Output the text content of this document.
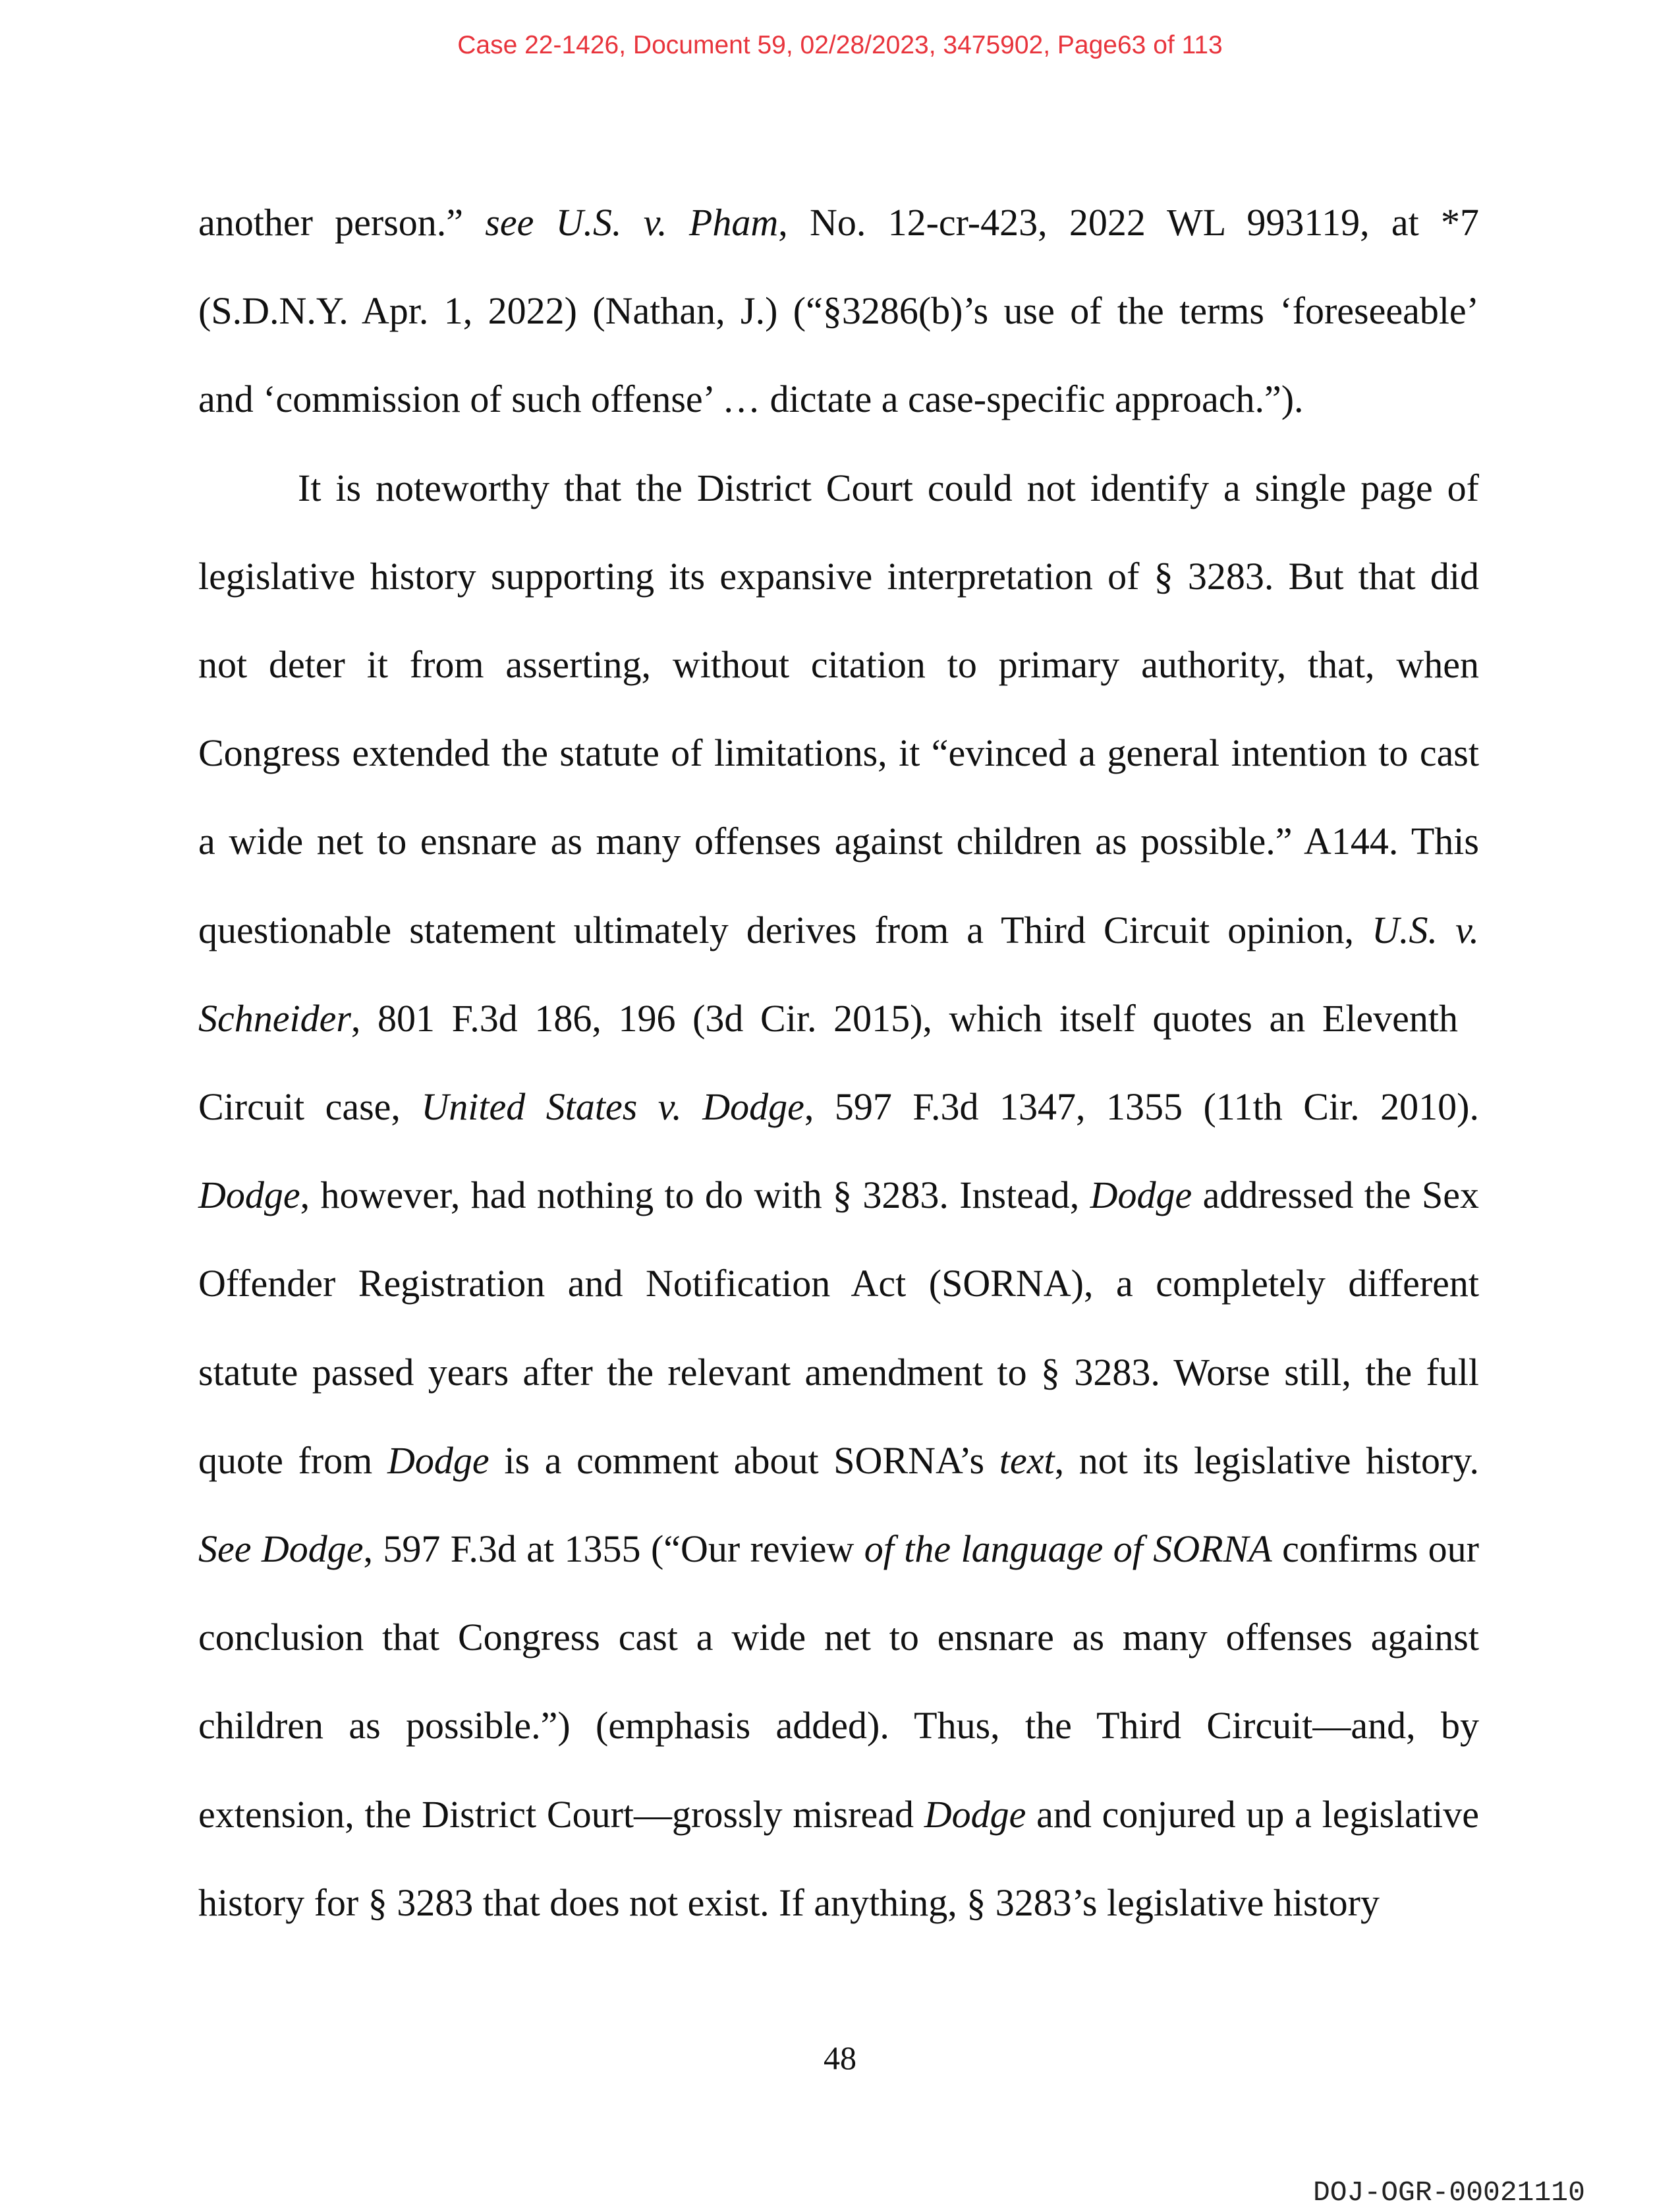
Case 22-1426, Document 59, 02/28/2023, 3475902, Page63 of 113
another person.” see U.S. v. Pham, No. 12-cr-423, 2022 WL 993119, at *7
(S.D.N.Y. Apr. 1, 2022) (Nathan, J.) (“§3286(b)’s use of the terms ‘foreseeable’
and ‘commission of such offense’ … dictate a case-specific approach.”).
It is noteworthy that the District Court could not identify a single page of
legislative history supporting its expansive interpretation of § 3283. But that did
not deter it from asserting, without citation to primary authority, that, when
Congress extended the statute of limitations, it “evinced a general intention to cast
a wide net to ensnare as many offenses against children as possible.” A144. This
questionable statement ultimately derives from a Third Circuit opinion, U.S. v.
Schneider, 801 F.3d 186, 196 (3d Cir. 2015), which itself quotes an Eleventh
Circuit case, United States v. Dodge, 597 F.3d 1347, 1355 (11th Cir. 2010).
Dodge, however, had nothing to do with § 3283. Instead, Dodge addressed the Sex
Offender Registration and Notification Act (SORNA), a completely different
statute passed years after the relevant amendment to § 3283. Worse still, the full
quote from Dodge is a comment about SORNA’s text, not its legislative history.
See Dodge, 597 F.3d at 1355 (“Our review of the language of SORNA confirms our
conclusion that Congress cast a wide net to ensnare as many offenses against
children as possible.”) (emphasis added). Thus, the Third Circuit—and, by
extension, the District Court—grossly misread Dodge and conjured up a legislative
history for § 3283 that does not exist. If anything, § 3283’s legislative history
48
DOJ-OGR-00021110
